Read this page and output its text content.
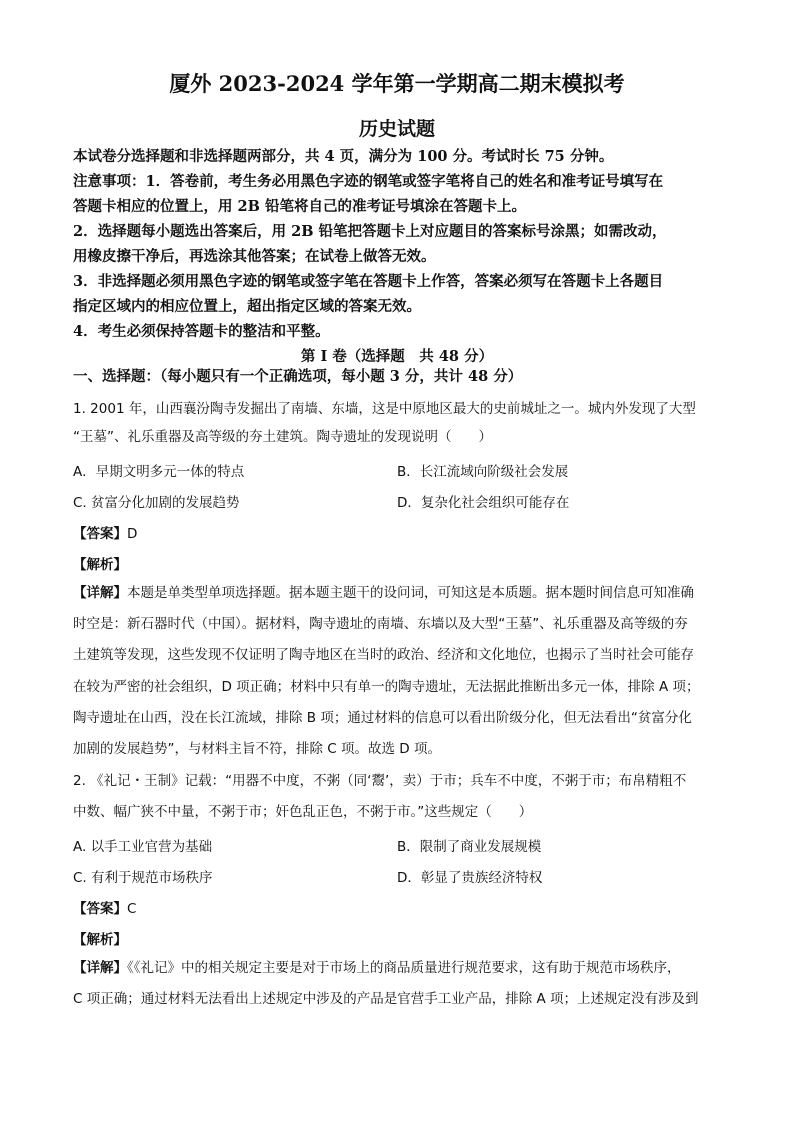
厦外 2023-2024 学年第一学期高二期末模拟考
历史试题
本试卷分选择题和非选择题两部分，共 4 页，满分为 100 分。考试时长 75 分钟。
注意事项：1．答卷前，考生务必用黑色字迹的钢笔或签字笔将自己的姓名和准考证号填写在
答题卡相应的位置上，用 2B 铅笔将自己的准考证号填涂在答题卡上。
2．选择题每小题选出答案后，用 2B 铅笔把答题卡上对应题目的答案标号涂黑；如需改动，
用橡皮擦干净后，再选涂其他答案；在试卷上做答无效。
3．非选择题必须用黑色字迹的钢笔或签字笔在答题卡上作答，答案必须写在答题卡上各题目
指定区域内的相应位置上，超出指定区域的答案无效。
4．考生必须保持答题卡的整洁和平整。
第 I 卷（选择题　共 48 分）
一、选择题：（每小题只有一个正确选项，每小题 3 分，共计 48 分）
1. 2001 年，山西襄汾陶寺发掘出了南墙、东墙，这是中原地区最大的史前城址之一。城内外发现了大型
“王墓”、礼乐重器及高等级的夯土建筑。陶寺遗址的发现说明（　　）
A．早期文明多元一体的特点	B．长江流域向阶级社会发展
C. 贫富分化加剧的发展趋势	D．复杂化社会组织可能存在
【答案】D
【解析】
【详解】本题是单类型单项选择题。据本题主题干的设问词，可知这是本质题。据本题时间信息可知准确
时空是：新石器时代（中国）。据材料，陶寺遗址的南墙、东墙以及大型“王墓”、礼乐重器及高等级的夯
土建筑等发现，这些发现不仅证明了陶寺地区在当时的政治、经济和文化地位，也揭示了当时社会可能存
在较为严密的社会组织，D 项正确；材料中只有单一的陶寺遗址，无法据此推断出多元一体，排除 A 项；
陶寺遗址在山西，没在长江流域，排除 B 项；通过材料的信息可以看出阶级分化，但无法看出“贫富分化
加剧的发展趋势”，与材料主旨不符，排除 C 项。故选 D 项。
2. 《礼记・王制》记载：“用器不中度，不粥（同‘鬻’，卖）于市；兵车不中度，不粥于市；布帛精粗不
中数、幅广狭不中量，不粥于市；奸色乱正色，不粥于市。”这些规定（　　）
A. 以手工业官营为基础	B．限制了商业发展规模
C. 有利于规范市场秩序	D．彰显了贵族经济特权
【答案】C
【解析】
【详解】《《礼记》中的相关规定主要是对于市场上的商品质量进行规范要求，这有助于规范市场秩序，
C 项正确；通过材料无法看出上述规定中涉及的产品是官营手工业产品，排除 A 项；上述规定没有涉及到
